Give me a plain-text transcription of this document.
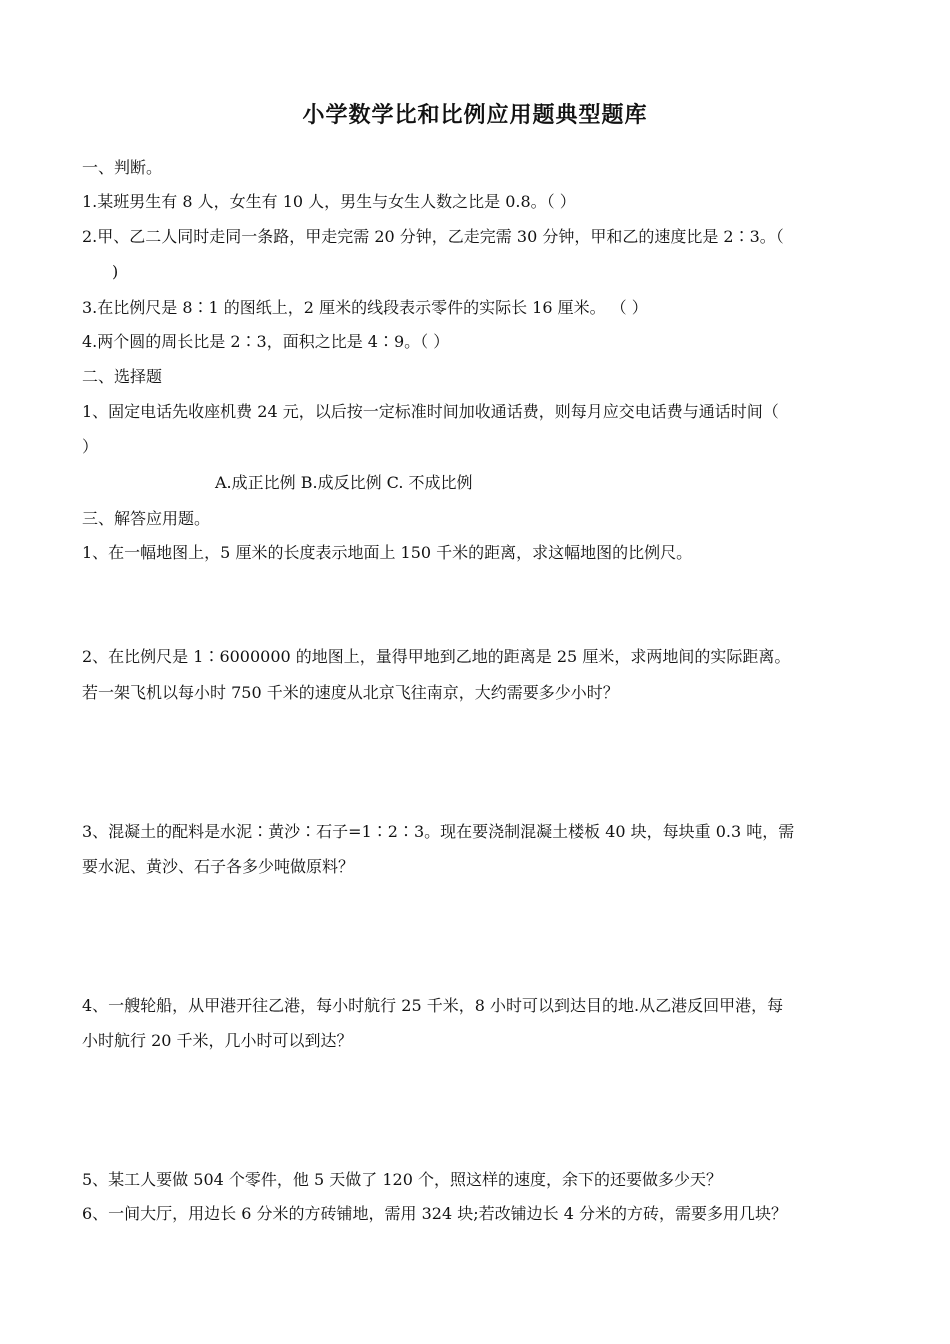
小学数学比和比例应用题典型题库
一、判断。
1.某班男生有 8 人，女生有 10 人，男生与女生人数之比是 0.8。（ ）
2.甲、乙二人同时走同一条路，甲走完需 20 分钟，乙走完需 30 分钟，甲和乙的速度比是 2∶3。（
)
3.在比例尺是 8∶1 的图纸上，2 厘米的线段表示零件的实际长 16 厘米。 （ ）
4.两个圆的周长比是 2∶3，面积之比是 4∶9。（ ）
二、选择题
1、固定电话先收座机费 24 元，以后按一定标准时间加收通话费，则每月应交电话费与通话时间（
）
A.成正比例 B.成反比例 C. 不成比例
三、解答应用题。
1、在一幅地图上，5 厘米的长度表示地面上 150 千米的距离，求这幅地图的比例尺。
2、在比例尺是 1∶6000000 的地图上，量得甲地到乙地的距离是 25 厘米，求两地间的实际距离。
若一架飞机以每小时 750 千米的速度从北京飞往南京，大约需要多少小时？
3、混凝土的配料是水泥∶黄沙∶石子=1∶2∶3。现在要浇制混凝土楼板 40 块，每块重 0.3 吨，需
要水泥、黄沙、石子各多少吨做原料？
4、一艘轮船，从甲港开往乙港，每小时航行 25 千米，8 小时可以到达目的地.从乙港反回甲港，每
小时航行 20 千米，几小时可以到达？
5、某工人要做 504 个零件，他 5 天做了 120 个，照这样的速度，余下的还要做多少天？
6、一间大厅，用边长 6 分米的方砖铺地，需用 324 块;若改铺边长 4 分米的方砖，需要多用几块？
